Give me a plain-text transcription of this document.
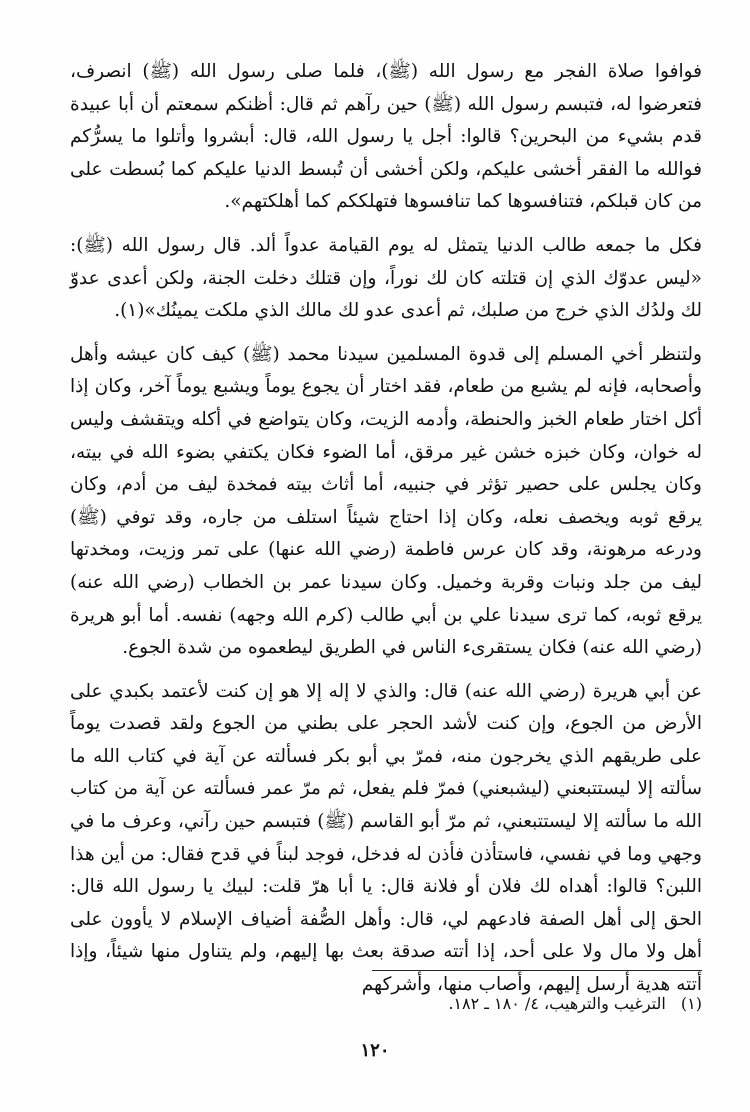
فوافوا صلاة الفجر مع رسول الله (ﷺ)، فلما صلى رسول الله (ﷺ) انصرف، فتعرضوا له، فتبسم رسول الله (ﷺ) حين رآهم ثم قال: أظنكم سمعتم أن أبا عبيدة قدم بشيء من البحرين؟ قالوا: أجل يا رسول الله، قال: أبشروا وأتلوا ما يسرُّكم فوالله ما الفقر أخشى عليكم، ولكن أخشى أن تُبسط الدنيا عليكم كما بُسطت على من كان قبلكم، فتنافسوها كما تنافسوها فتهلككم كما أهلكتهم».

فكل ما جمعه طالب الدنيا يتمثل له يوم القيامة عدواً ألد. قال رسول الله (ﷺ): «ليس عدوّك الذي إن قتلته كان لك نوراً، وإن قتلك دخلت الجنة، ولكن أعدى عدوّ لك ولدُك الذي خرج من صلبك، ثم أعدى عدو لك مالك الذي ملكت يمينُك»(١).

ولتنظر أخي المسلم إلى قدوة المسلمين سيدنا محمد (ﷺ) كيف كان عيشه وأهل وأصحابه، فإنه لم يشبع من طعام، فقد اختار أن يجوع يوماً ويشبع يوماً آخر، وكان إذا أكل اختار طعام الخبز والحنطة، وأدمه الزيت، وكان يتواضع في أكله ويتقشف وليس له خوان، وكان خبزه خشن غير مرقق، أما الضوء فكان يكتفي بضوء الله في بيته، وكان يجلس على حصير تؤثر في جنبيه، أما أثاث بيته فمخدة ليف من أدم، وكان يرقع ثوبه ويخصف نعله، وكان إذا احتاج شيئاً استلف من جاره، وقد توفي (ﷺ) ودرعه مرهونة، وقد كان عرس فاطمة (رضي الله عنها) على تمر وزيت، ومخدتها ليف من جلد ونبات وقربة وخميل. وكان سيدنا عمر بن الخطاب (رضي الله عنه) يرقع ثوبه، كما ترى سيدنا علي بن أبي طالب (كرم الله وجهه) نفسه. أما أبو هريرة (رضي الله عنه) فكان يستقرىء الناس في الطريق ليطعموه من شدة الجوع.

عن أبي هريرة (رضي الله عنه) قال: والذي لا إله إلا هو إن كنت لأعتمد بكبدي على الأرض من الجوع، وإن كنت لأشد الحجر على بطني من الجوع ولقد قصدت يوماً على طريقهم الذي يخرجون منه، فمرّ بي أبو بكر فسألته عن آية في كتاب الله ما سألته إلا ليستتبعني (ليشبعني) فمرّ فلم يفعل، ثم مرّ عمر فسألته عن آية من كتاب الله ما سألته إلا ليستتبعني، ثم مرّ أبو القاسم (ﷺ) فتبسم حين رآني، وعرف ما في وجهي وما في نفسي، فاستأذن فأذن له فدخل، فوجد لبناً في قدح فقال: من أين هذا اللبن؟ قالوا: أهداه لك فلان أو فلانة قال: يا أبا هرّ قلت: لبيك يا رسول الله قال: الحق إلى أهل الصفة فادعهم لي، قال: وأهل الصُّفة أضياف الإسلام لا يأوون على أهل ولا مال ولا على أحد، إذا أتته صدقة بعث بها إليهم، ولم يتناول منها شيئاً، وإذا أتته هدية أرسل إليهم، وأصاب منها، وأشركهم

(١) الترغيب والترهيب، ٤/ ١٨٠ ـ ١٨٢.
١٢٠
